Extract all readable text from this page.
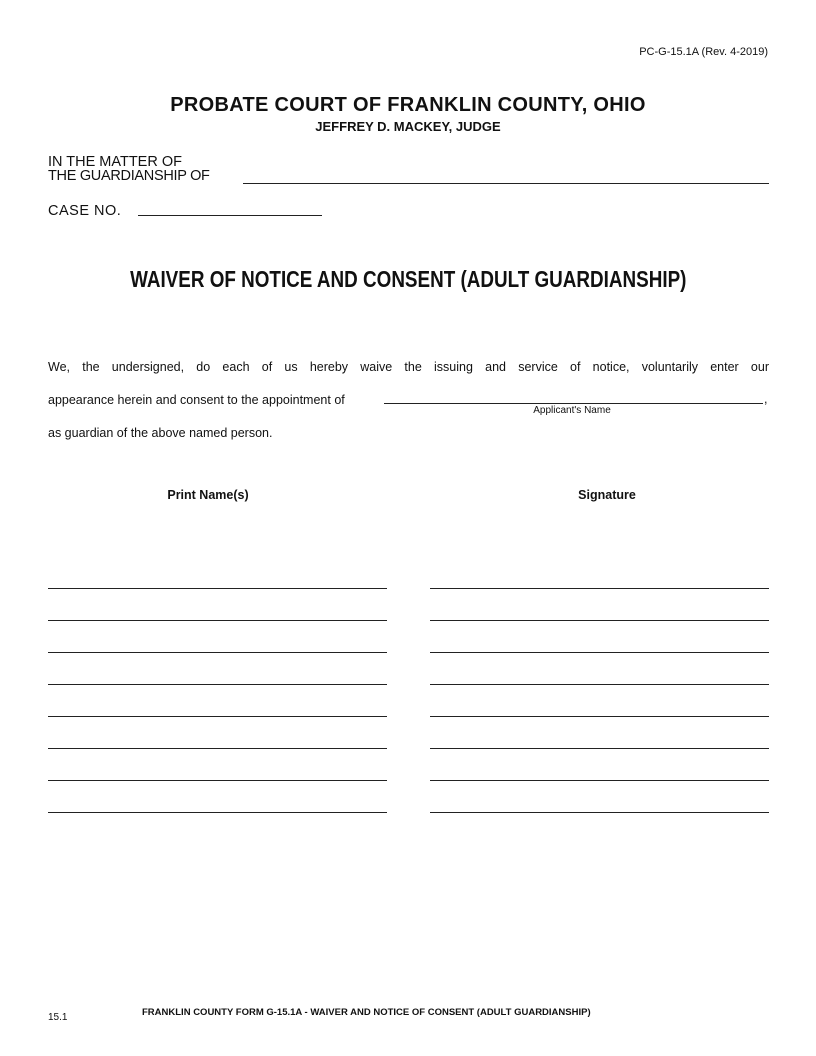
PC-G-15.1A (Rev. 4-2019)
PROBATE COURT OF FRANKLIN COUNTY, OHIO
JEFFREY D. MACKEY, JUDGE
IN THE MATTER OF
THE GUARDIANSHIP OF
CASE NO.
WAIVER OF NOTICE AND CONSENT (ADULT GUARDIANSHIP)
We, the undersigned, do each of us hereby waive the issuing and service of notice, voluntarily enter our
appearance herein and consent to the appointment of	,
Applicant's Name
as guardian of the above named person.
Print Name(s)	Signature
15.1	FRANKLIN COUNTY FORM G-15.1A - WAIVER AND NOTICE OF CONSENT (ADULT GUARDIANSHIP)
